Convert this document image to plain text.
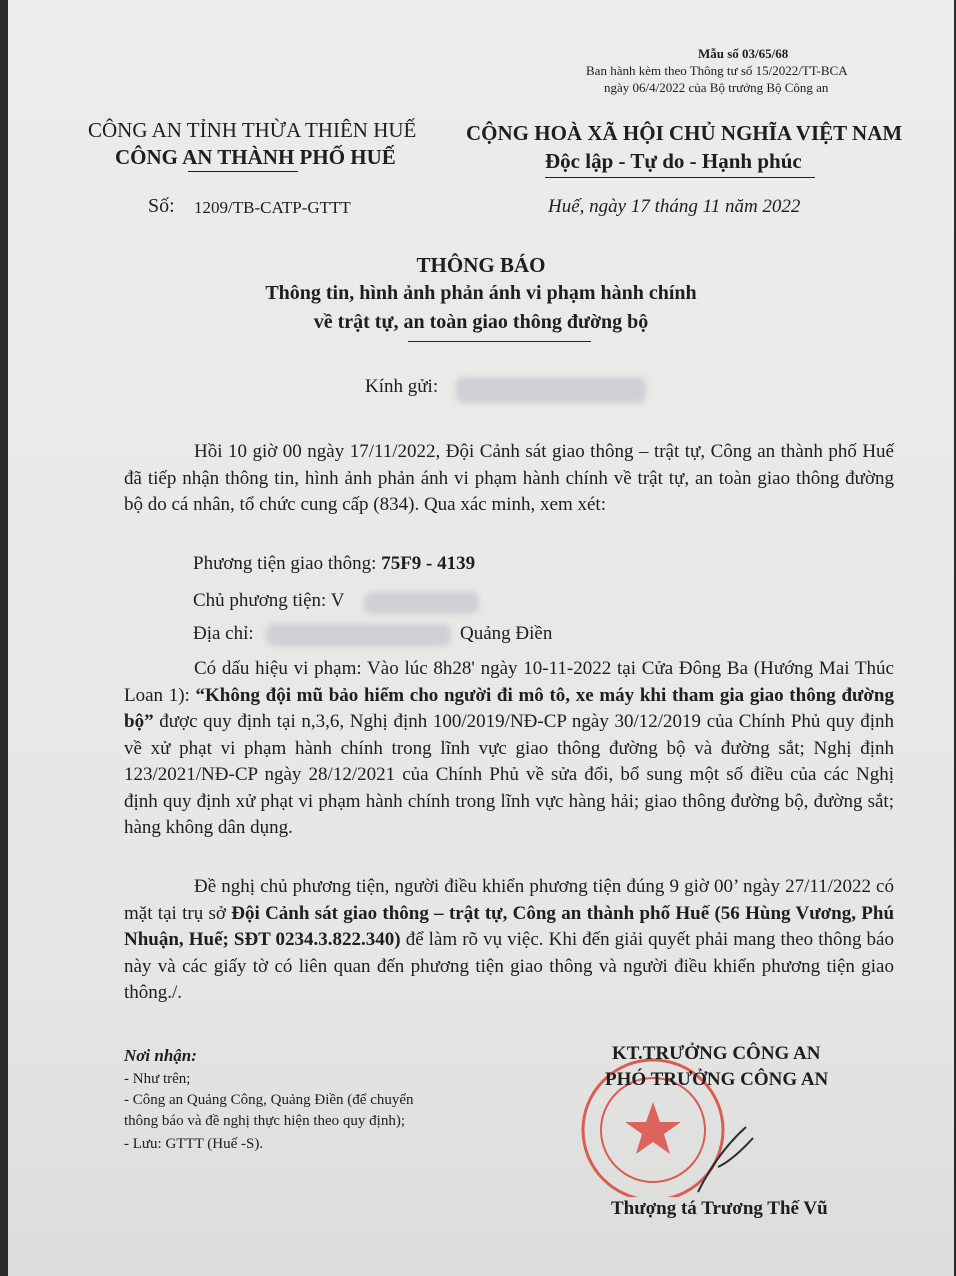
Mẫu số 03/65/68
Ban hành kèm theo Thông tư số 15/2022/TT-BCA
ngày 06/4/2022 của Bộ trưởng Bộ Công an
CÔNG AN TỈNH THỪA THIÊN HUẾ
CÔNG AN THÀNH PHỐ HUẾ
CỘNG HOÀ XÃ HỘI CHỦ NGHĨA VIỆT NAM
Độc lập - Tự do - Hạnh phúc
Số: 1209/TB-CATP-GTTT	Huế, ngày 17 tháng 11 năm 2022
THÔNG BÁO
Thông tin, hình ảnh phản ánh vi phạm hành chính
về trật tự, an toàn giao thông đường bộ
Kính gửi:
Hồi 10 giờ 00 ngày 17/11/2022, Đội Cảnh sát giao thông – trật tự, Công an thành phố Huế đã tiếp nhận thông tin, hình ảnh phản ánh vi phạm hành chính về trật tự, an toàn giao thông đường bộ do cá nhân, tổ chức cung cấp (834). Qua xác minh, xem xét:
Phương tiện giao thông: 75F9 - 4139
Chủ phương tiện: V
Địa chỉ:	Quảng Điền
Có dấu hiệu vi phạm: Vào lúc 8h28' ngày 10-11-2022 tại Cửa Đông Ba (Hướng Mai Thúc Loan 1): “Không đội mũ bảo hiểm cho người đi mô tô, xe máy khi tham gia giao thông đường bộ” được quy định tại n,3,6, Nghị định 100/2019/NĐ-CP ngày 30/12/2019 của Chính Phủ quy định về xử phạt vi phạm hành chính trong lĩnh vực giao thông đường bộ và đường sắt; Nghị định 123/2021/NĐ-CP ngày 28/12/2021 của Chính Phủ về sửa đổi, bổ sung một số điều của các Nghị định quy định xử phạt vi phạm hành chính trong lĩnh vực hàng hải; giao thông đường bộ, đường sắt; hàng không dân dụng.
Đề nghị chủ phương tiện, người điều khiển phương tiện đúng 9 giờ 00’ ngày 27/11/2022 có mặt tại trụ sở Đội Cảnh sát giao thông – trật tự, Công an thành phố Huế (56 Hùng Vương, Phú Nhuận, Huế; SĐT 0234.3.822.340) để làm rõ vụ việc. Khi đến giải quyết phải mang theo thông báo này và các giấy tờ có liên quan đến phương tiện giao thông và người điều khiển phương tiện giao thông./.
Nơi nhận:
- Như trên;
- Công an Quảng Công, Quảng Điền (để chuyển
thông báo và đề nghị thực hiện theo quy định);
- Lưu: GTTT (Huế -S).
KT.TRƯỞNG CÔNG AN
PHÓ TRƯỞNG CÔNG AN
Thượng tá Trương Thế Vũ
